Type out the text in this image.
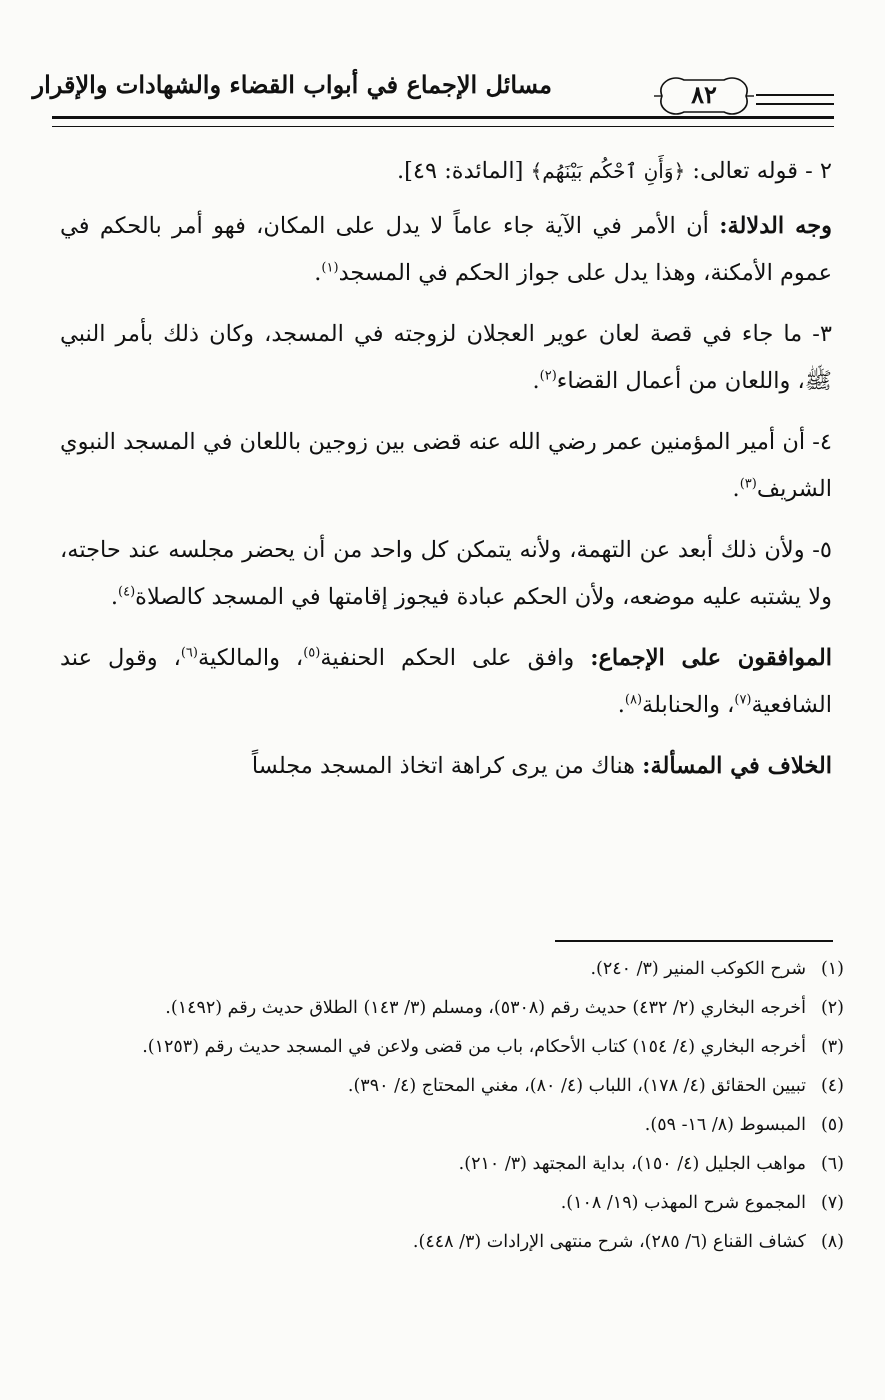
مسائل الإجماع في أبواب القضاء والشهادات والإقرار	٨٢

٢ - قوله تعالى: ﴿وَأَنِ ٱحْكُم بَيْنَهُم﴾ [المائدة: ٤٩].

وجه الدلالة: أن الأمر في الآية جاء عاماً لا يدل على المكان، فهو أمر بالحكم في عموم الأمكنة، وهذا يدل على جواز الحكم في المسجد$^{(١)}$.

٣- ما جاء في قصة لعان عوير العجلان لزوجته في المسجد، وكان ذلك بأمر النبي ﷺ، واللعان من أعمال القضاء$^{(٢)}$.

٤- أن أمير المؤمنين عمر رضي الله عنه قضى بين زوجين باللعان في المسجد النبوي الشريف$^{(٣)}$.

٥- ولأن ذلك أبعد عن التهمة، ولأنه يتمكن كل واحد من أن يحضر مجلسه عند حاجته، ولا يشتبه عليه موضعه، ولأن الحكم عبادة فيجوز إقامتها في المسجد كالصلاة$^{(٤)}$.

الموافقون على الإجماع: وافق على الحكم الحنفية$^{(٥)}$، والمالكية$^{(٦)}$، وقول عند الشافعية$^{(٧)}$، والحنابلة$^{(٨)}$.

الخلاف في المسألة: هناك من يرى كراهة اتخاذ المسجد مجلساً

(١)
شرح الكوكب المنير (٣/ ٢٤٠).
(٢)
أخرجه البخاري (٢/ ٤٣٢) حديث رقم (٥٣٠٨)، ومسلم (٣/ ١٤٣) الطلاق حديث رقم (١٤٩٢).
(٣)
أخرجه البخاري (٤/ ١٥٤) كتاب الأحكام، باب من قضى ولاعن في المسجد حديث رقم (١٢٥٣).
(٤)
تبيين الحقائق (٤/ ١٧٨)، اللباب (٤/ ٨٠)، مغني المحتاج (٤/ ٣٩٠).
(٥)
المبسوط (٨/ ١٦- ٥٩).
(٦)
مواهب الجليل (٤/ ١٥٠)، بداية المجتهد (٣/ ٢١٠).
(٧)
المجموع شرح المهذب (١٩/ ١٠٨).
(٨)
كشاف القناع (٦/ ٢٨٥)، شرح منتهى الإرادات (٣/ ٤٤٨).
